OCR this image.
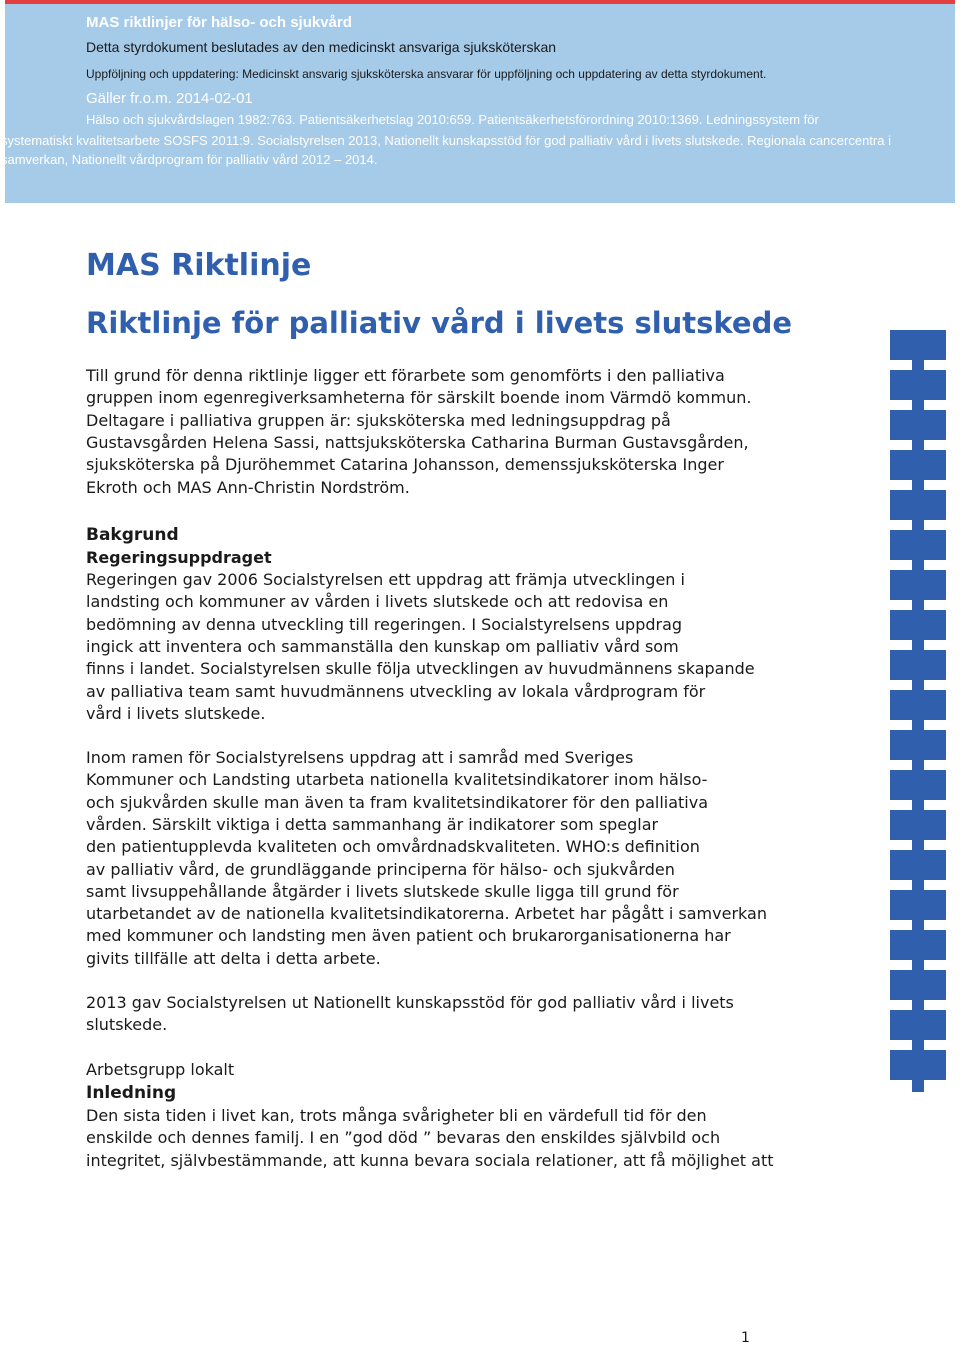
MAS riktlinjer för hälso- och sjukvård
Detta styrdokument beslutades av den medicinskt ansvariga sjuksköterskan
Uppföljning och uppdatering: Medicinskt ansvarig sjuksköterska ansvarar för uppföljning och uppdatering av detta styrdokument.
Gäller fr.o.m. 2014-02-01
Hälso och sjukvårdslagen 1982:763. Patientsäkerhetslag 2010:659. Patientsäkerhetsförordning 2010:1369. Ledningssystem för
systematiskt kvalitetsarbete SOSFS 2011:9. Socialstyrelsen 2013, Nationellt kunskapsstöd för god palliativ vård i livets slutskede. Regionala cancercentra i
samverkan, Nationellt vårdprogram för palliativ vård 2012 – 2014.
MAS Riktlinje
Riktlinje för palliativ vård i livets slutskede
Till grund för denna riktlinje ligger ett förarbete som genomförts i den palliativa
gruppen inom egenregiverksamheterna för särskilt boende inom Värmdö kommun.
Deltagare i palliativa gruppen är: sjuksköterska med ledningsuppdrag på
Gustavsgården Helena Sassi, nattsjuksköterska Catharina Burman Gustavsgården,
sjuksköterska på Djuröhemmet Catarina Johansson, demenssjuksköterska Inger
Ekroth och MAS Ann-Christin Nordström.
Bakgrund
Regeringsuppdraget
Regeringen gav 2006 Socialstyrelsen ett uppdrag att främja utvecklingen i
landsting och kommuner av vården i livets slutskede och att redovisa en
bedömning av denna utveckling till regeringen. I Socialstyrelsens uppdrag
ingick att inventera och sammanställa den kunskap om palliativ vård som
finns i landet. Socialstyrelsen skulle följa utvecklingen av huvudmännens skapande
av palliativa team samt huvudmännens utveckling av lokala vårdprogram för
vård i livets slutskede.
Inom ramen för Socialstyrelsens uppdrag att i samråd med Sveriges
Kommuner och Landsting utarbeta nationella kvalitetsindikatorer inom hälso-
och sjukvården skulle man även ta fram kvalitetsindikatorer för den palliativa
vården. Särskilt viktiga i detta sammanhang är indikatorer som speglar
den patientupplevda kvaliteten och omvårdnadskvaliteten. WHO:s definition
av palliativ vård, de grundläggande principerna för hälso- och sjukvården
samt livsuppehållande åtgärder i livets slutskede skulle ligga till grund för
utarbetandet av de nationella kvalitetsindikatorerna. Arbetet har pågått i samverkan
med kommuner och landsting men även patient och brukarorganisationerna har
givits tillfälle att delta i detta arbete.
2013 gav Socialstyrelsen ut Nationellt kunskapsstöd för god palliativ vård i livets
slutskede.
Arbetsgrupp lokalt
Inledning
Den sista tiden i livet kan, trots många svårigheter bli en värdefull tid för den
enskilde och dennes familj. I en ”god död ” bevaras den enskildes självbild och
integritet, självbestämmande, att kunna bevara sociala relationer, att få möjlighet att
1
